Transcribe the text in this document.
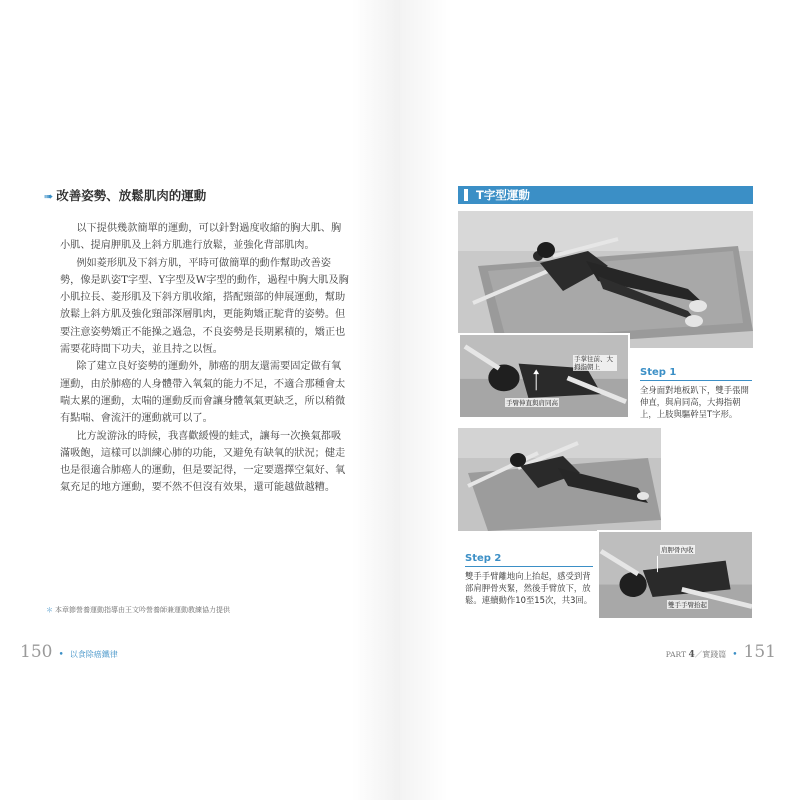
➠ 改善姿勢、放鬆肌肉的運動

以下提供幾款簡單的運動，可以針對過度收縮的胸大肌、胸小肌、提肩胛肌及上斜方肌進行放鬆，並強化背部肌肉。

例如菱形肌及下斜方肌，平時可做簡單的動作幫助改善姿勢，像是趴姿T字型、Y字型及W字型的動作，過程中胸大肌及胸小肌拉長、菱形肌及下斜方肌收縮，搭配頸部的伸展運動，幫助放鬆上斜方肌及強化頸部深層肌肉，更能夠矯正駝背的姿勢。但要注意姿勢矯正不能操之過急，不良姿勢是長期累積的，矯正也需要花時間下功夫，並且持之以恆。

除了建立良好姿勢的運動外，肺癌的朋友還需要固定做有氧運動，由於肺癌的人身體帶入氧氣的能力不足，不適合那種會太喘太累的運動，太喘的運動反而會讓身體氧氣更缺乏，所以稍微有點喘、會流汗的運動就可以了。

比方說游泳的時候，我喜歡緩慢的蛙式，讓每一次換氣都吸滿吸飽，這樣可以訓練心肺的功能，又避免有缺氧的狀況；健走也是很適合肺癌人的運動，但是要記得，一定要選擇空氣好、氧氣充足的地方運動，要不然不但沒有效果，還可能越做越糟。

＊ 本章節營養運動指導由王文吟營養師兼運動教練協力提供
150 • 以食除癌鐵律
T字型運動
手掌往前、大拇指朝上
手臂伸直與肩同高
Step 1
全身面對地板趴下，雙手張開伸直，與肩同高，大拇指朝上，上肢與驅幹呈T字形。
肩胛骨內收
雙手手臂抬起
Step 2
雙手手臂離地向上抬起，感受到背部肩胛骨夾緊，然後手臂放下，放鬆。連續動作10至15次，共3回。
PART 4／實踐篇 • 151
